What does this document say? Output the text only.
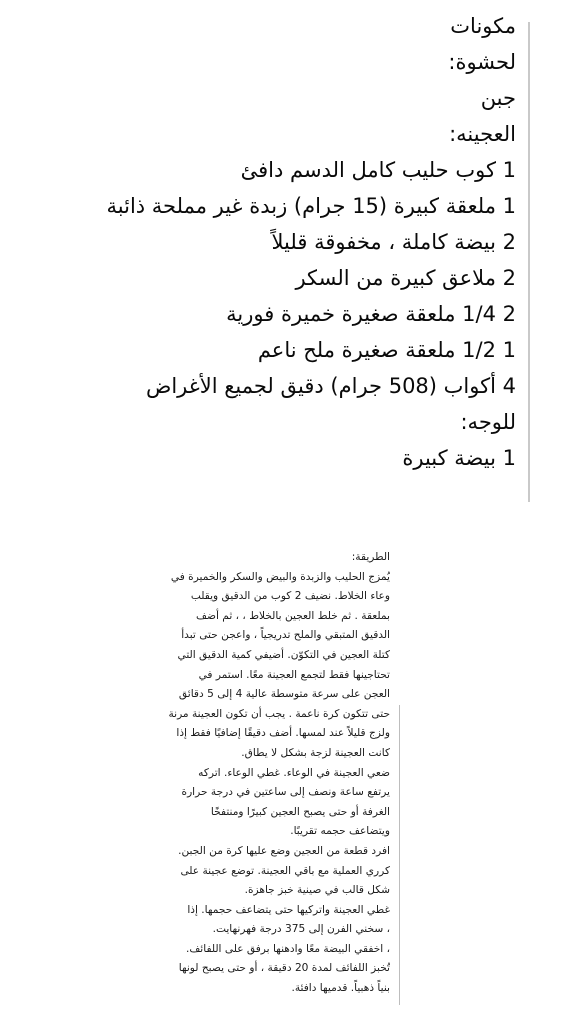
مكونات
لحشوة:
جبن
العجينه:
1 كوب حليب كامل الدسم دافئ
1 ملعقة كبيرة (15 جرام) زبدة غير مملحة ذائبة
2 بيضة كاملة ، مخفوقة قليلاً
2 ملاعق كبيرة من السكر
2 1/4 ملعقة صغيرة خميرة فورية
1 1/2 ملعقة صغيرة ملح ناعم
4 أكواب (508 جرام) دقيق لجميع الأغراض
للوجه:
1 بيضة كبيرة
الطريقة:
يُمزج الحليب والزبدة والبيض والسكر والخميرة في
وعاء الخلاط. نضيف 2 كوب من الدقيق ويقلب
بملعقة . ثم خلط العجين بالخلاط ، ، ثم أضف
الدقيق المتبقي والملح تدريجياً ، واعجن حتى تبدأ
كتلة العجين في التكوّن. أضيفي كمية الدقيق التي
تحتاجينها فقط لتجمع العجينة معًا. استمر في
العجن على سرعة متوسطة عالية 4 إلى 5 دقائق
حتى تتكون كرة ناعمة . يجب أن تكون العجينة مرنة
ولزج قليلاً عند لمسها. أضف دقيقًا إضافيًا فقط إذا
كانت العجينة لزجة بشكل لا يطاق.
ضعي العجينة في الوعاء. غطي الوعاء. اتركه
يرتفع ساعة ونصف إلى ساعتين في درجة حرارة
الغرفة أو حتى يصبح العجين كبيرًا ومنتفخًا
ويتضاعف حجمه تقريبًا.
افرد قطعة من العجين وضع عليها كرة من الجبن.
كرري العملية مع باقي العجينة. توضع عجينة على
شكل قالب في صينية خبز جاهزة.
غطي العجينة واتركيها حتى يتضاعف حجمها. إذا
، سخني الفرن إلى 375 درجة فهرنهايت.
، اخفقي البيضة معًا وادهنها برفق على اللفائف.
تُخبز اللفائف لمدة 20 دقيقة ، أو حتى يصبح لونها
بنياً ذهبياً. قدميها دافئة.
